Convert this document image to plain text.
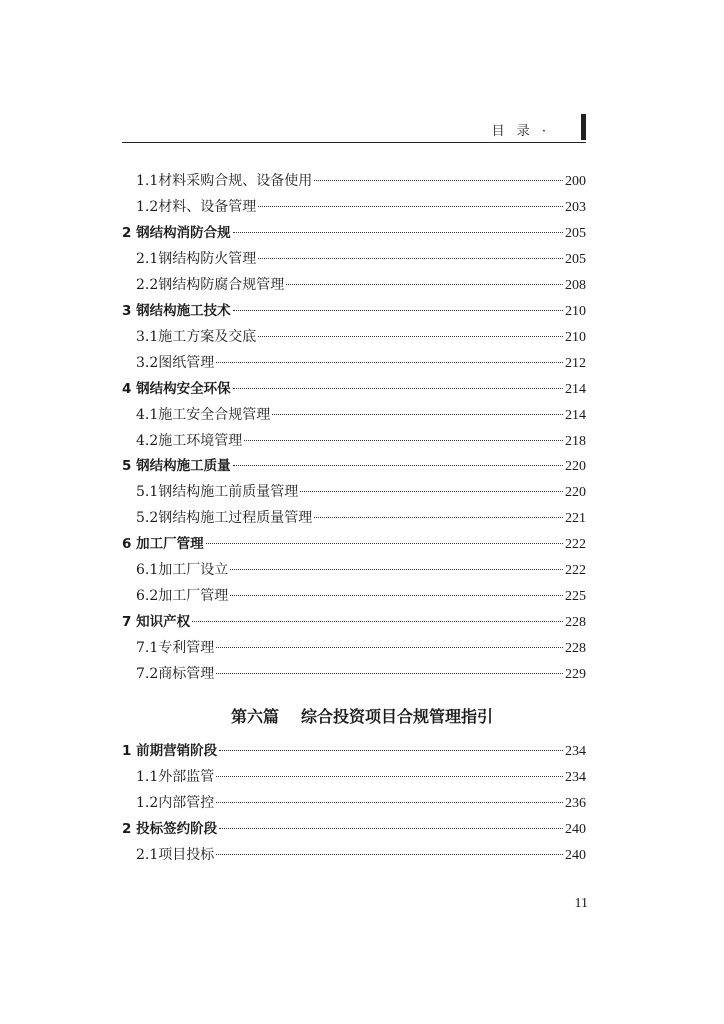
目 录 ·
1.1材料采购合规、设备使用	200
1.2材料、设备管理	203
2 钢结构消防合规	205
2.1钢结构防火管理	205
2.2钢结构防腐合规管理	208
3 钢结构施工技术	210
3.1施工方案及交底	210
3.2图纸管理	212
4 钢结构安全环保	214
4.1施工安全合规管理	214
4.2施工环境管理	218
5 钢结构施工质量	220
5.1钢结构施工前质量管理	220
5.2钢结构施工过程质量管理	221
6 加工厂管理	222
6.1加工厂设立	222
6.2加工厂管理	225
7 知识产权	228
7.1专利管理	228
7.2商标管理	229
1 前期营销阶段	234
1.1外部监管	234
1.2内部管控	236
2 投标签约阶段	240
2.1项目投标	240
第六篇 综合投资项目合规管理指引
11
